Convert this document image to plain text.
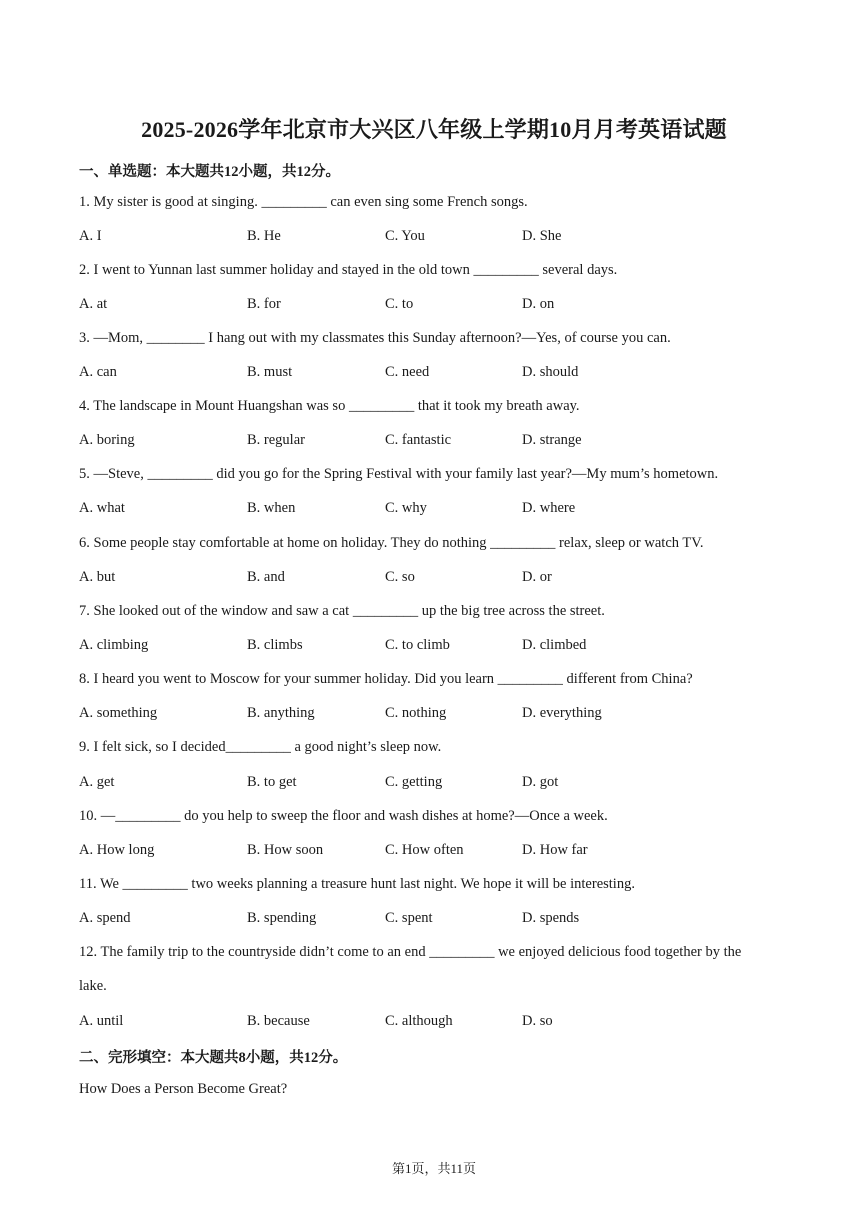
2025-2026学年北京市大兴区八年级上学期10月月考英语试题
一、单选题：本大题共12小题，共12分。
1. My sister is good at singing. _________ can even sing some French songs.
A. I	B. He	C. You	D. She
2. I went to Yunnan last summer holiday and stayed in the old town _________ several days.
A. at	B. for	C. to	D. on
3. —Mom, ________ I hang out with my classmates this Sunday afternoon?—Yes, of course you can.
A. can	B. must	C. need	D. should
4. The landscape in Mount Huangshan was so _________ that it took my breath away.
A. boring	B. regular	C. fantastic	D. strange
5. —Steve, _________ did you go for the Spring Festival with your family last year?—My mum’s hometown.
A. what	B. when	C. why	D. where
6. Some people stay comfortable at home on holiday. They do nothing _________ relax, sleep or watch TV.
A. but	B. and	C. so	D. or
7. She looked out of the window and saw a cat _________ up the big tree across the street.
A. climbing	B. climbs	C. to climb	D. climbed
8. I heard you went to Moscow for your summer holiday. Did you learn _________ different from China?
A. something	B. anything	C. nothing	D. everything
9. I felt sick, so I decided_________ a good night’s sleep now.
A. get	B. to get	C. getting	D. got
10. —_________ do you help to sweep the floor and wash dishes at home?—Once a week.
A. How long	B. How soon	C. How often	D. How far
11. We _________ two weeks planning a treasure hunt last night. We hope it will be interesting.
A. spend	B. spending	C. spent	D. spends
12. The family trip to the countryside didn’t come to an end _________ we enjoyed delicious food together by the
lake.
A. until	B. because	C. although	D. so
二、完形填空：本大题共8小题，共12分。
How Does a Person Become Great?
第1页，共11页
